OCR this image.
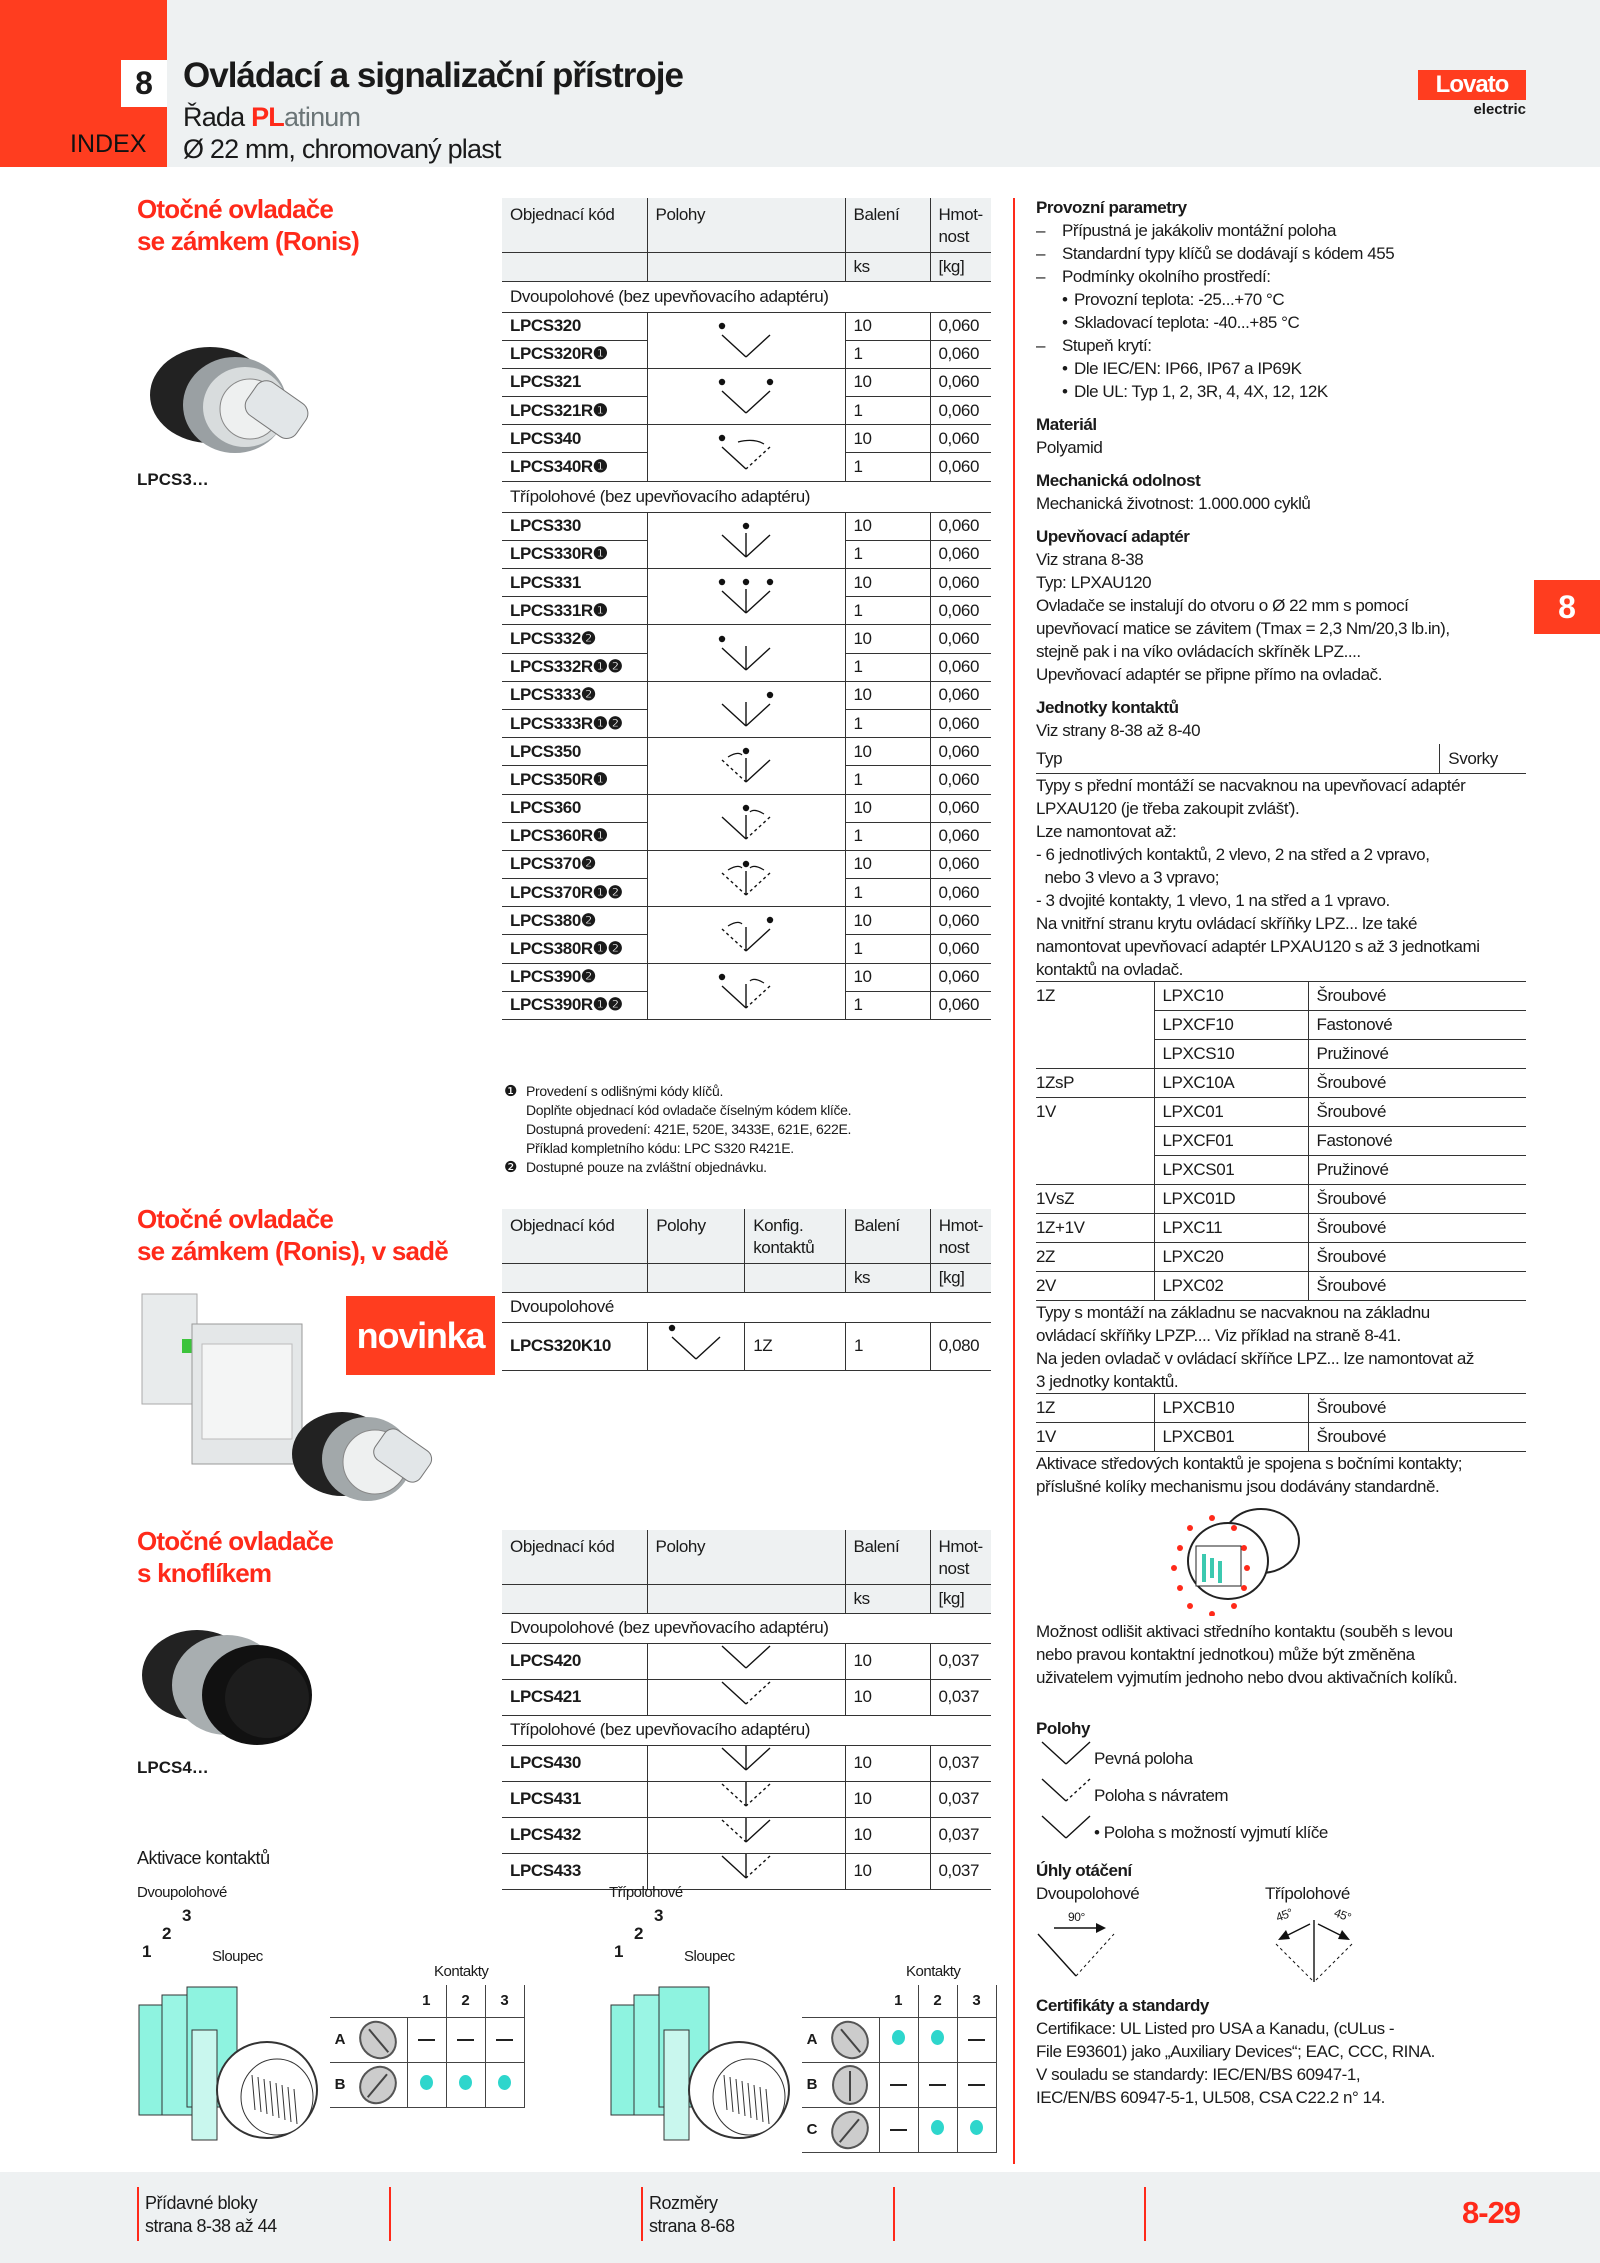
8
INDEX
Ovládací a signalizační přístroje
Řada PLatinum
Ø 22 mm, chromovaný plast
Lovato
electric
8
Otočné ovladače
se zámkem (Ronis)
LPCS3…
Otočné ovladače
se zámkem (Ronis), v sadě
novinka
Otočné ovladače
s knoflíkem
LPCS4…
Objednací kód	Polohy	Balení	Hmot-nost
		ks	[kg]
Dvoupolohové (bez upevňovacího adaptéru)			
LPCS320		10	0,060
LPCS320R❶		1	0,060
LPCS321		10	0,060
LPCS321R❶		1	0,060
LPCS340		10	0,060
LPCS340R❶		1	0,060
Třípolohové (bez upevňovacího adaptéru)			
LPCS330		10	0,060
LPCS330R❶		1	0,060
LPCS331		10	0,060
LPCS331R❶		1	0,060
LPCS332❷		10	0,060
LPCS332R❶❷		1	0,060
LPCS333❷		10	0,060
LPCS333R❶❷		1	0,060
LPCS350		10	0,060
LPCS350R❶		1	0,060
LPCS360		10	0,060
LPCS360R❶		1	0,060
LPCS370❷		10	0,060
LPCS370R❶❷		1	0,060
LPCS380❷		10	0,060
LPCS380R❶❷		1	0,060
LPCS390❷		10	0,060
LPCS390R❶❷		1	0,060
❶ Provedení s odlišnými kódy klíčů.
Doplňte objednací kód ovladače číselným kódem klíče.
Dostupná provedení: 421E, 520E, 3433E, 621E, 622E.
Příklad kompletního kódu: LPC S320 R421E.
❷ Dostupné pouze na zvláštní objednávku.
Objednací kód	Polohy	Konfig. kontaktů	Balení	Hmot-nost
			ks	[kg]
Dvoupolohové				
LPCS320K10		1Z	1	0,080
Objednací kód	Polohy	Balení	Hmot-nost
		ks	[kg]
Dvoupolohové (bez upevňovacího adaptéru)			
LPCS420		10	0,037
LPCS421		10	0,037
Třípolohové (bez upevňovacího adaptéru)			
LPCS430		10	0,037
LPCS431		10	0,037
LPCS432		10	0,037
LPCS433		10	0,037
Aktivace kontaktů
Dvoupolohové
1
2
3
Sloupec
Kontakty
		1	2	3
A				
B				
Třípolohové
1
2
3
Sloupec
Kontakty
		1	2	3
A				
B				
C				
Provozní parametry
– Přípustná je jakákoliv montážní poloha
– Standardní typy klíčů se dodávají s kódem 455
– Podmínky okolního prostředí:
• Provozní teplota: -25...+70 °C
• Skladovací teplota: -40...+85 °C
– Stupeň krytí:
• Dle IEC/EN: IP66, IP67 a IP69K
• Dle UL: Typ 1, 2, 3R, 4, 4X, 12, 12K
Materiál
Polyamid
Mechanická odolnost
Mechanická životnost: 1.000.000 cyklů
Upevňovací adaptér
Viz strana 8-38
Typ: LPXAU120
Ovladače se instalují do otvoru o Ø 22 mm s pomocí
upevňovací matice se závitem (Tmax = 2,3 Nm/20,3 lb.in),
stejně pak i na víko ovládacích skříněk LPZ....
Upevňovací adaptér se připne přímo na ovladač.
Jednotky kontaktů
Viz strany 8-38 až 8-40
Typ	Svorky
Typy s přední montáží se nacvaknou na upevňovací adaptér
LPXAU120 (je třeba zakoupit zvlášť).
Lze namontovat až:
- 6 jednotlivých kontaktů, 2 vlevo, 2 na střed a 2 vpravo,
nebo 3 vlevo a 3 vpravo;
- 3 dvojité kontakty, 1 vlevo, 1 na střed a 1 vpravo.
Na vnitřní stranu krytu ovládací skříňky LPZ... lze také
namontovat upevňovací adaptér LPXAU120 s až 3 jednotkami
kontaktů na ovladač.
1Z	LPXC10	Šroubové
	LPXCF10	Fastonové
	LPXCS10	Pružinové
1ZsP	LPXC10A	Šroubové
1V	LPXC01	Šroubové
	LPXCF01	Fastonové
	LPXCS01	Pružinové
1VsZ	LPXC01D	Šroubové
1Z+1V	LPXC11	Šroubové
2Z	LPXC20	Šroubové
2V	LPXC02	Šroubové
Typy s montáží na základnu se nacvaknou na základnu
ovládací skříňky LPZP.... Viz příklad na straně 8-41.
Na jeden ovladač v ovládací skříňce LPZ... lze namontovat až
3 jednotky kontaktů.
1Z	LPXCB10	Šroubové
1V	LPXCB01	Šroubové
Aktivace středových kontaktů je spojena s bočními kontakty;
příslušné kolíky mechanismu jsou dodávány standardně.
Možnost odlišit aktivaci středního kontaktu (souběh s levou
nebo pravou kontaktní jednotkou) může být změněna
uživatelem vyjmutím jednoho nebo dvou aktivačních kolíků.
Polohy
Pevná poloha
Poloha s návratem
• Poloha s možností vyjmutí klíče
Úhly otáčení
Dvoupolohové	Třípolohové
90°	45°	45°
Certifikáty a standardy
Certifikace: UL Listed pro USA a Kanadu, (cULus -
File E93601) jako „Auxiliary Devices“; EAC, CCC, RINA.
V souladu se standardy: IEC/EN/BS 60947-1,
IEC/EN/BS 60947-5-1, UL508, CSA C22.2 n° 14.
Přídavné bloky
strana 8-38 až 44
Rozměry
strana 8-68	8-29
